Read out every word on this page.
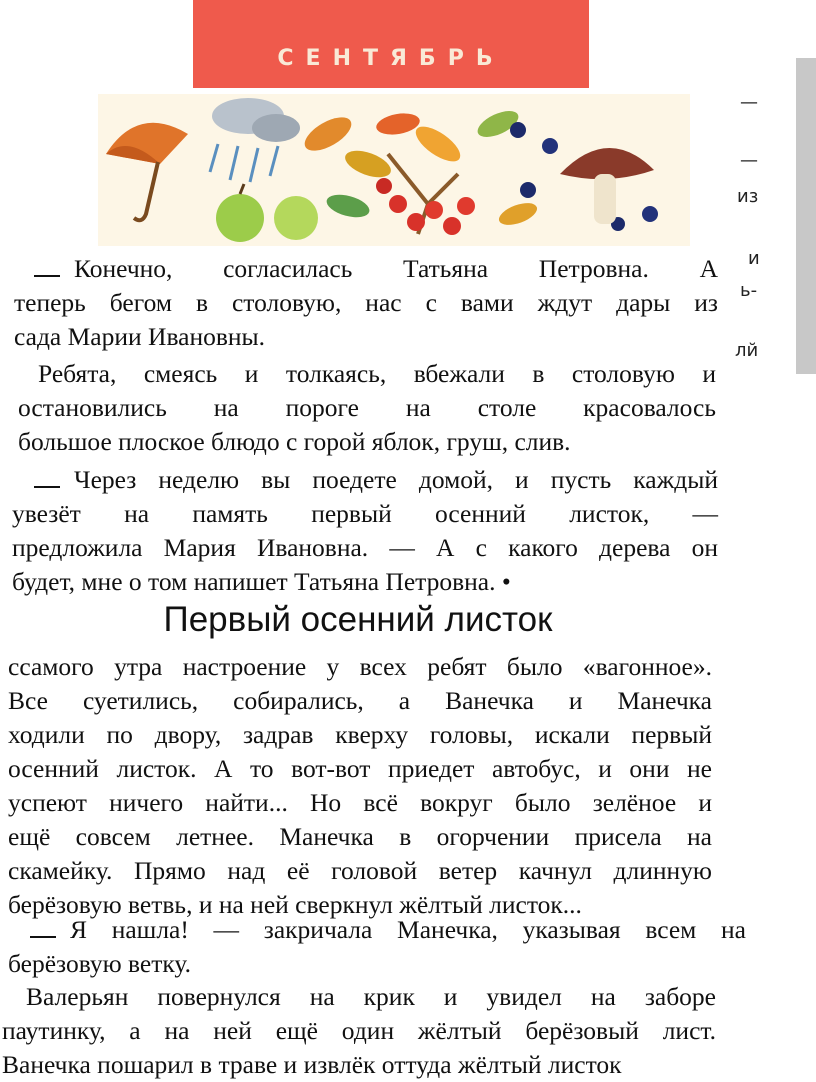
СЕНТЯБРЬ
—
—
из
и
ь-
лй
Конечно, согласилась Татьяна Петровна. А
теперь бегом в столовую, нас с вами ждут дары из
сада Марии Ивановны.
Ребята, смеясь и толкаясь, вбежали в столовую и
остановились на пороге на столе красовалось
большое плоское блюдо с горой яблок, груш, слив.
Через неделю вы поедете домой, и пусть каждый
увезёт на память первый осенний листок, —
предложила Мария Ивановна. — А с какого дерева он
будет, мне о том напишет Татьяна Петровна. •
Первый осенний листок
ссамого утра настроение у всех ребят было «вагонное».
Все суетились, собирались, а Ванечка и Манечка
ходили по двору, задрав кверху головы, искали первый
осенний листок. А то вот-вот приедет автобус, и они не
успеют ничего найти... Но всё вокруг было зелёное и
ещё совсем летнее. Манечка в огорчении присела на
скамейку. Прямо над её головой ветер качнул длинную
берёзовую ветвь, и на ней сверкнул жёлтый листок...
Я нашла! — закричала Манечка, указывая всем на
берёзовую ветку.
Валерьян повернулся на крик и увидел на заборе
паутинку, а на ней ещё один жёлтый берёзовый лист.
Ванечка пошарил в траве и извлёк оттуда жёлтый листок
